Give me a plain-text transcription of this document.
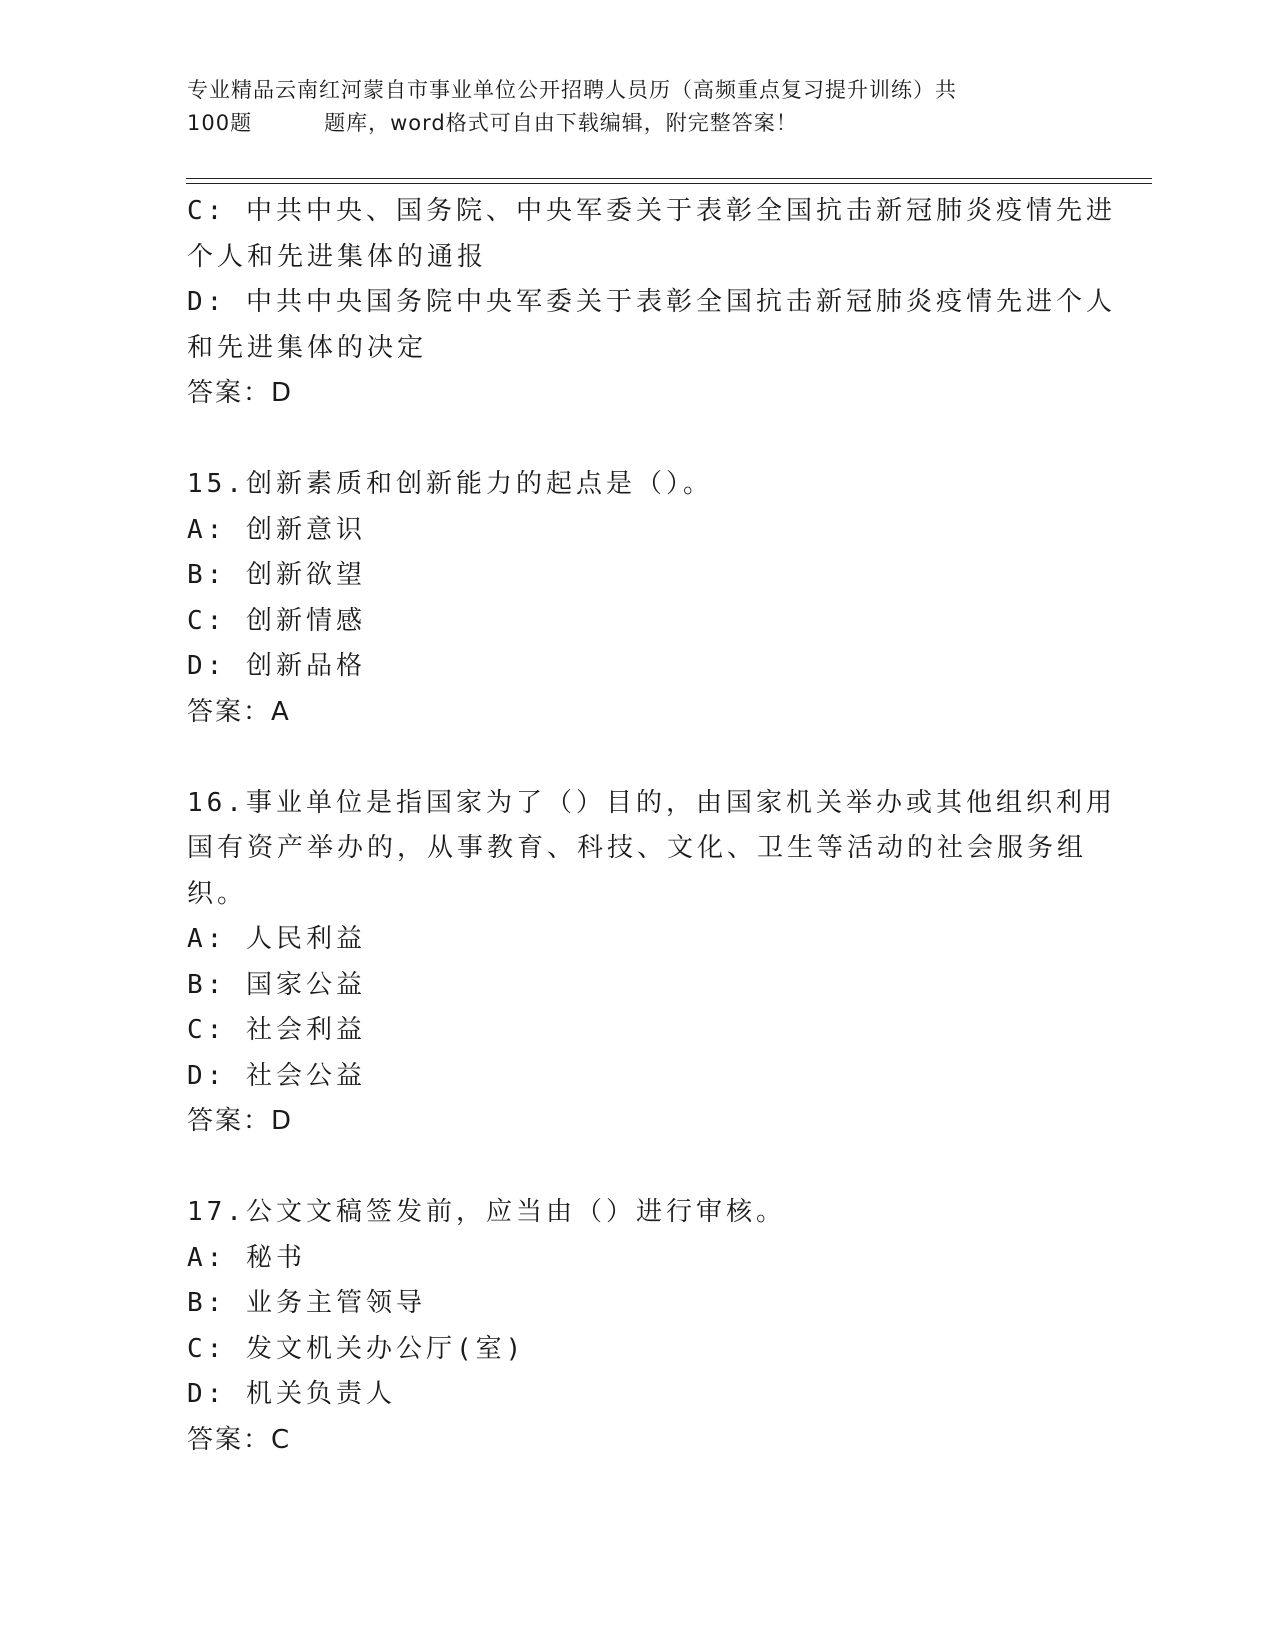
专业精品云南红河蒙自市事业单位公开招聘人员历（高频重点复习提升训练）共
100题	题库，word格式可自由下载编辑，附完整答案！
C: 中共中央、国务院、中央军委关于表彰全国抗击新冠肺炎疫情先进
个人和先进集体的通报
D: 中共中央国务院中央军委关于表彰全国抗击新冠肺炎疫情先进个人
和先进集体的决定
答案：D
15.创新素质和创新能力的起点是（）。
A: 创新意识
B: 创新欲望
C: 创新情感
D: 创新品格
答案：A
16.事业单位是指国家为了（）目的，由国家机关举办或其他组织利用
国有资产举办的，从事教育、科技、文化、卫生等活动的社会服务组
织。
A: 人民利益
B: 国家公益
C: 社会利益
D: 社会公益
答案：D
17.公文文稿签发前，应当由（）进行审核。
A: 秘书
B: 业务主管领导
C: 发文机关办公厅(室)
D: 机关负责人
答案：C
